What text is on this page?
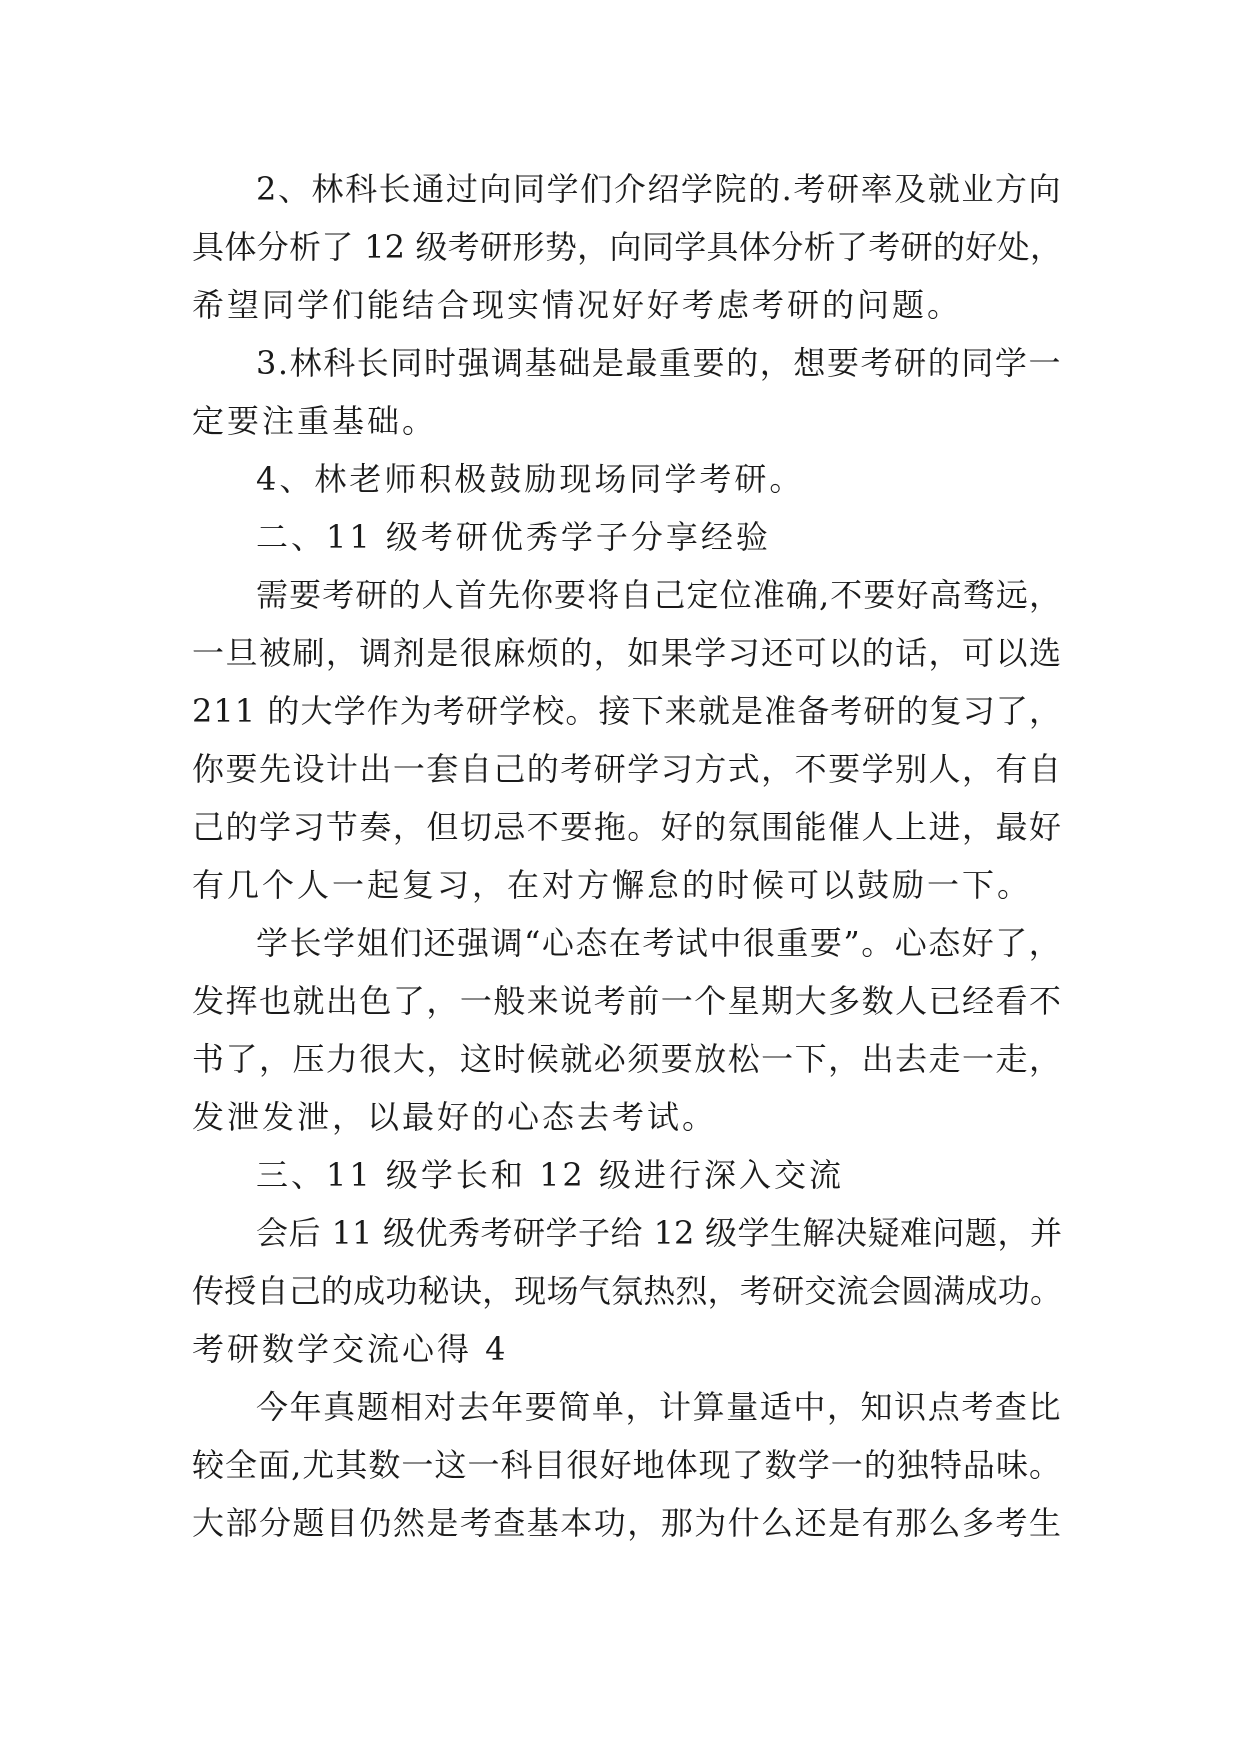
2、林科长通过向同学们介绍学院的.考研率及就业方向
具体分析了 12 级考研形势，向同学具体分析了考研的好处，
希望同学们能结合现实情况好好考虑考研的问题。
3.林科长同时强调基础是最重要的，想要考研的同学一
定要注重基础。
4、林老师积极鼓励现场同学考研。
二、11 级考研优秀学子分享经验
需要考研的人首先你要将自己定位准确,不要好高骛远，
一旦被刷，调剂是很麻烦的，如果学习还可以的话，可以选
211 的大学作为考研学校。接下来就是准备考研的复习了，
你要先设计出一套自己的考研学习方式，不要学别人，有自
己的学习节奏，但切忌不要拖。好的氛围能催人上进，最好
有几个人一起复习，在对方懈怠的时候可以鼓励一下。
学长学姐们还强调“心态在考试中很重要”。心态好了，
发挥也就出色了，一般来说考前一个星期大多数人已经看不
书了，压力很大，这时候就必须要放松一下，出去走一走，
发泄发泄，以最好的心态去考试。
三、11 级学长和 12 级进行深入交流
会后 11 级优秀考研学子给 12 级学生解决疑难问题，并
传授自己的成功秘诀，现场气氛热烈，考研交流会圆满成功。
考研数学交流心得 4
今年真题相对去年要简单，计算量适中，知识点考查比
较全面,尤其数一这一科目很好地体现了数学一的独特品味。
大部分题目仍然是考查基本功，那为什么还是有那么多考生
